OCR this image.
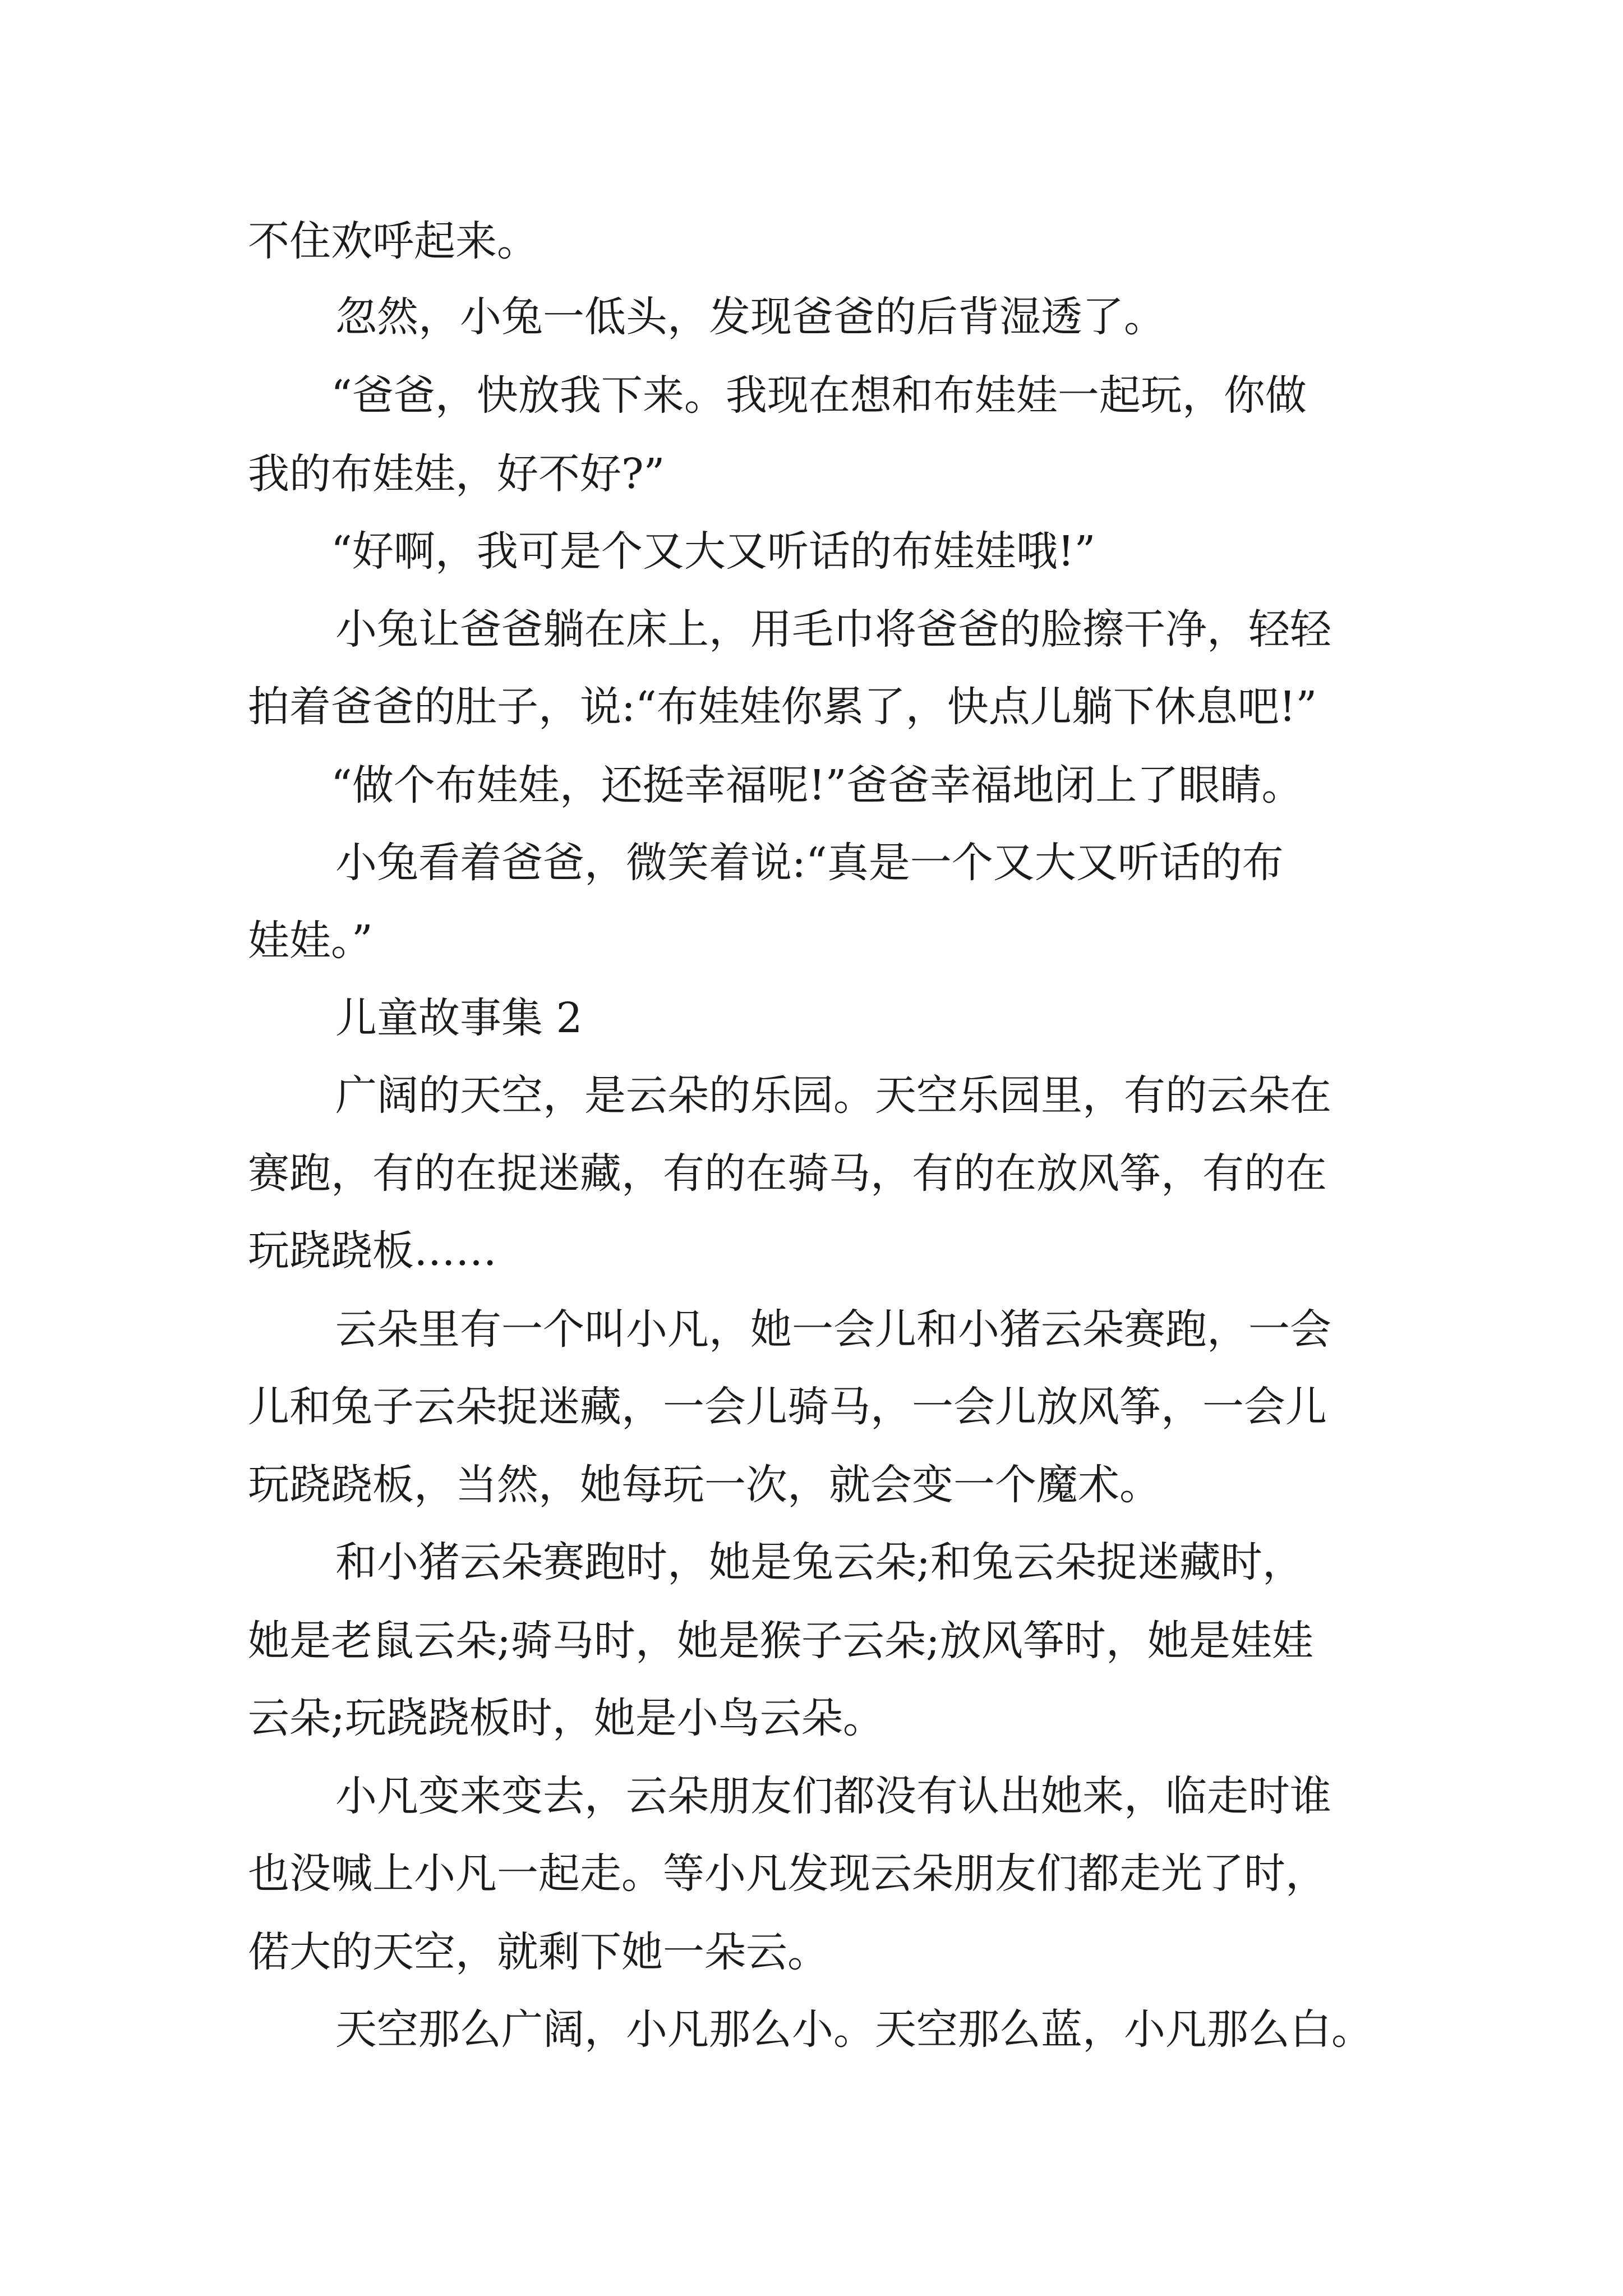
不住欢呼起来。
忽然，小兔一低头，发现爸爸的后背湿透了。
“爸爸，快放我下来。我现在想和布娃娃一起玩，你做
我的布娃娃，好不好?”
“好啊，我可是个又大又听话的布娃娃哦!”
小兔让爸爸躺在床上，用毛巾将爸爸的脸擦干净，轻轻
拍着爸爸的肚子，说:“布娃娃你累了，快点儿躺下休息吧!”
“做个布娃娃，还挺幸福呢!”爸爸幸福地闭上了眼睛。
小兔看着爸爸，微笑着说:“真是一个又大又听话的布
娃娃。”
儿童故事集 2
广阔的天空，是云朵的乐园。天空乐园里，有的云朵在
赛跑，有的在捉迷藏，有的在骑马，有的在放风筝，有的在
玩跷跷板……
云朵里有一个叫小凡，她一会儿和小猪云朵赛跑，一会
儿和兔子云朵捉迷藏，一会儿骑马，一会儿放风筝，一会儿
玩跷跷板，当然，她每玩一次，就会变一个魔术。
和小猪云朵赛跑时，她是兔云朵;和兔云朵捉迷藏时，
她是老鼠云朵;骑马时，她是猴子云朵;放风筝时，她是娃娃
云朵;玩跷跷板时，她是小鸟云朵。
小凡变来变去，云朵朋友们都没有认出她来，临走时谁
也没喊上小凡一起走。等小凡发现云朵朋友们都走光了时，
偌大的天空，就剩下她一朵云。
天空那么广阔，小凡那么小。天空那么蓝，小凡那么白。
